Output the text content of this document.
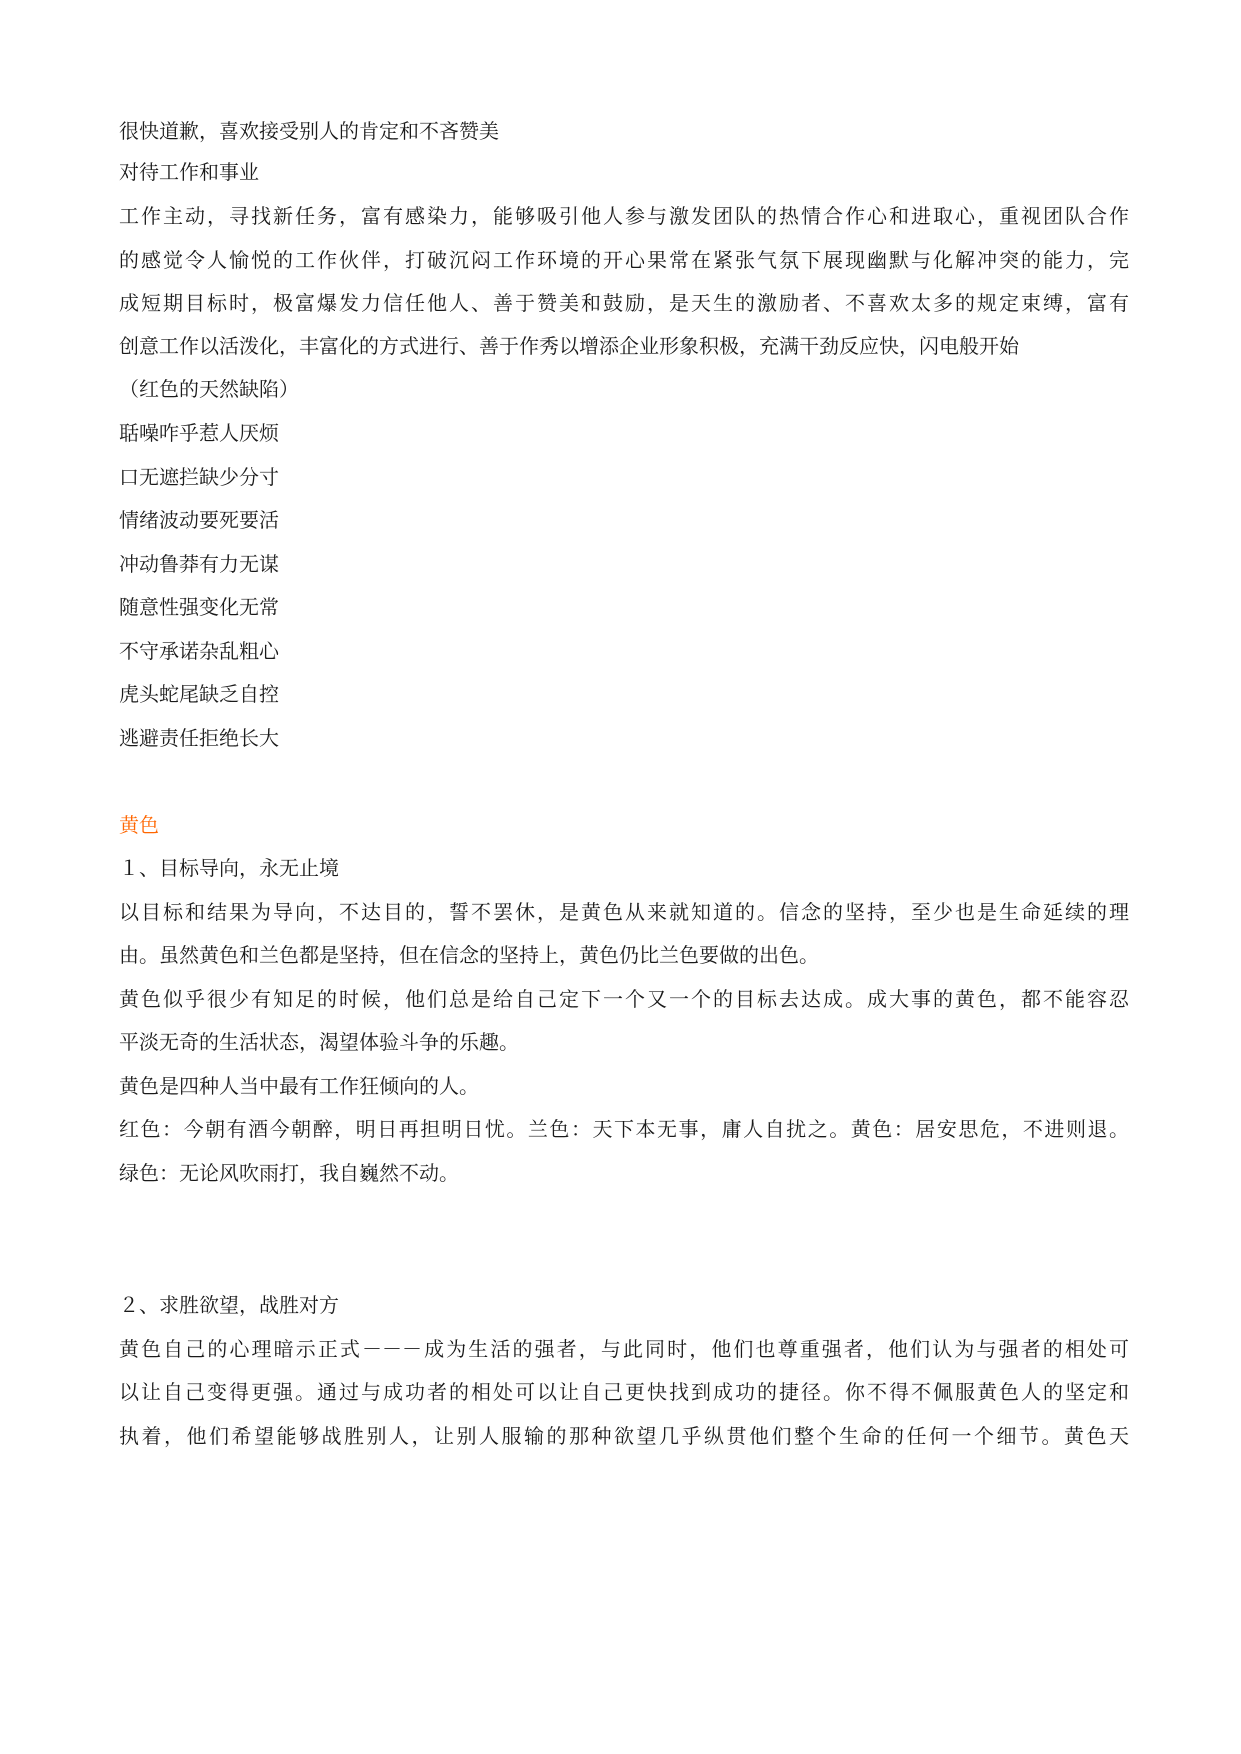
很快道歉，喜欢接受别人的肯定和不吝赞美
对待工作和事业
工作主动，寻找新任务，富有感染力，能够吸引他人参与激发团队的热情合作心和进取心，重视团队合作
的感觉令人愉悦的工作伙伴，打破沉闷工作环境的开心果常在紧张气氛下展现幽默与化解冲突的能力，完
成短期目标时，极富爆发力信任他人、善于赞美和鼓励，是天生的激励者、不喜欢太多的规定束缚，富有
创意工作以活泼化，丰富化的方式进行、善于作秀以增添企业形象积极，充满干劲反应快，闪电般开始
（红色的天然缺陷）
聒噪咋乎惹人厌烦
口无遮拦缺少分寸
情绪波动要死要活
冲动鲁莽有力无谋
随意性强变化无常
不守承诺杂乱粗心
虎头蛇尾缺乏自控
逃避责任拒绝长大
黄色
１、目标导向，永无止境
以目标和结果为导向，不达目的，誓不罢休，是黄色从来就知道的。信念的坚持，至少也是生命延续的理
由。虽然黄色和兰色都是坚持，但在信念的坚持上，黄色仍比兰色要做的出色。
黄色似乎很少有知足的时候，他们总是给自己定下一个又一个的目标去达成。成大事的黄色，都不能容忍
平淡无奇的生活状态，渴望体验斗争的乐趣。
黄色是四种人当中最有工作狂倾向的人。
红色：今朝有酒今朝醉，明日再担明日忧。兰色：天下本无事，庸人自扰之。黄色：居安思危，不进则退。
绿色：无论风吹雨打，我自巍然不动。
２、求胜欲望，战胜对方
黄色自己的心理暗示正式－－－成为生活的强者，与此同时，他们也尊重强者，他们认为与强者的相处可
以让自己变得更强。通过与成功者的相处可以让自己更快找到成功的捷径。你不得不佩服黄色人的坚定和
执着，他们希望能够战胜别人，让别人服输的那种欲望几乎纵贯他们整个生命的任何一个细节。黄色天
